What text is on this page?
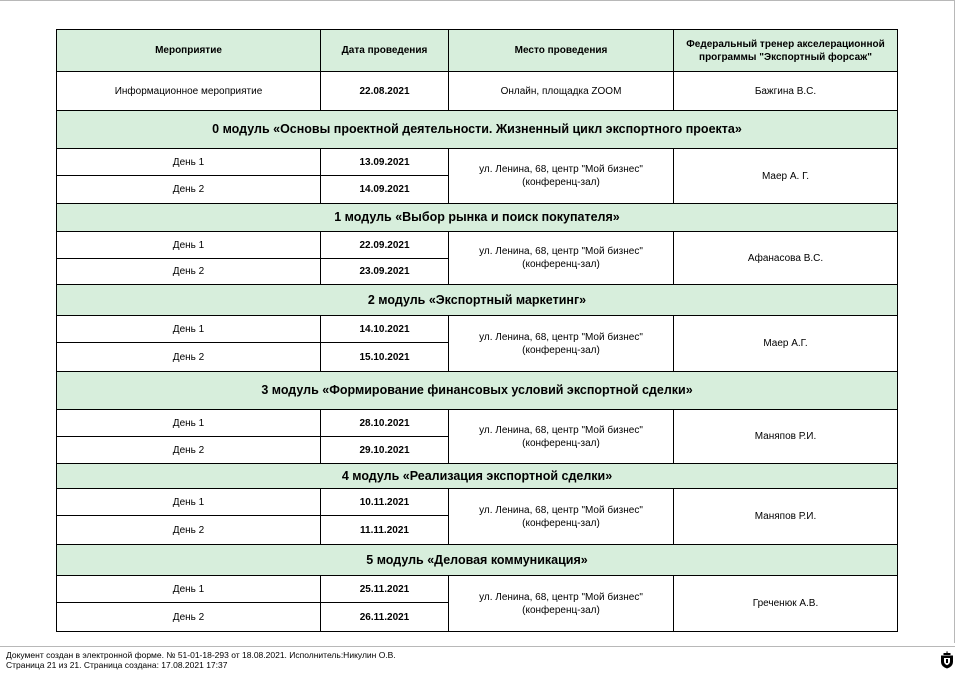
Мероприятие	Дата проведения	Место проведения	Федеральный тренер акселерационной программы "Экспортный форсаж"
Информационное мероприятие	22.08.2021	Онлайн, площадка ZOOM	Бажгина В.С.
0 модуль «Основы проектной деятельности. Жизненный цикл экспортного проекта»			
День 1	13.09.2021	ул. Ленина, 68, центр "Мой бизнес" (конференц-зал)	Маер А. Г.
День 2	14.09.2021		
1 модуль «Выбор рынка и поиск покупателя»			
День 1	22.09.2021	ул. Ленина, 68, центр "Мой бизнес" (конференц-зал)	Афанасова В.С.
День 2	23.09.2021		
2 модуль «Экспортный маркетинг»			
День 1	14.10.2021	ул. Ленина, 68, центр "Мой бизнес" (конференц-зал)	Маер А.Г.
День 2	15.10.2021		
3 модуль «Формирование финансовых условий экспортной сделки»			
День 1	28.10.2021	ул. Ленина, 68, центр "Мой бизнес" (конференц-зал)	Маняпов Р.И.
День 2	29.10.2021		
4 модуль «Реализация экспортной сделки»			
День 1	10.11.2021	ул. Ленина, 68, центр "Мой бизнес" (конференц-зал)	Маняпов Р.И.
День 2	11.11.2021		
5 модуль «Деловая коммуникация»			
День 1	25.11.2021	ул. Ленина, 68, центр "Мой бизнес" (конференц-зал)	Греченюк А.В.
День 2	26.11.2021		
Документ создан в электронной форме. № 51-01-18-293 от 18.08.2021. Исполнитель:Никулин О.В.
Страница 21 из 21. Страница создана: 17.08.2021 17:37
